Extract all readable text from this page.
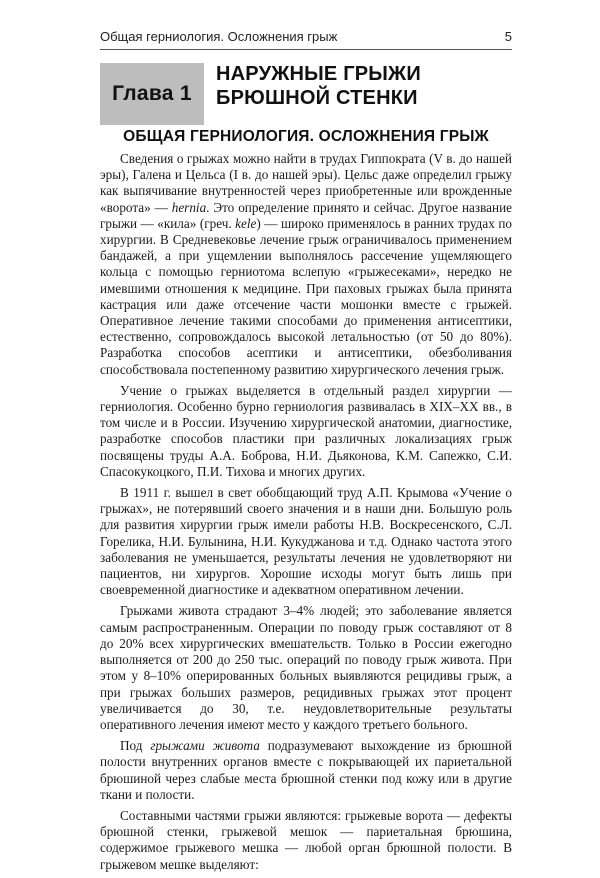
Общая герниология. Осложнения грыж	5
Глава 1
НАРУЖНЫЕ ГРЫЖИ БРЮШНОЙ СТЕНКИ
ОБЩАЯ ГЕРНИОЛОГИЯ. ОСЛОЖНЕНИЯ ГРЫЖ

Сведения о грыжах можно найти в трудах Гиппократа (V в. до нашей эры), Галена и Цельса (I в. до нашей эры). Цельс даже определил грыжу как выпячивание внутренностей через приобретенные или врожденные «ворота» — hernia. Это определение принято и сейчас. Другое название грыжи — «кила» (греч. kele) — широко применялось в ранних трудах по хирургии. В Средневековье лечение грыж ограничивалось применением бандажей, а при ущемлении выполнялось рассечение ущемляющего кольца с помощью герниотома вслепую «грыжесеками», нередко не имевшими отношения к медицине. При паховых грыжах была принята кастрация или даже отсечение части мошонки вместе с грыжей. Оперативное лечение такими способами до применения антисептики, естественно, сопровождалось высокой летальностью (от 50 до 80%). Разработка способов асептики и антисептики, обезболивания способствовала постепенному развитию хирургического лечения грыж.

Учение о грыжах выделяется в отдельный раздел хирургии — герниология. Особенно бурно герниология развивалась в XIX–XX вв., в том числе и в России. Изучению хирургической анатомии, диагностике, разработке способов пластики при различных локализациях грыж посвящены труды А.А. Боброва, Н.И. Дьяконова, К.М. Сапежко, С.И. Спасокукоцкого, П.И. Тихова и многих других.

В 1911 г. вышел в свет обобщающий труд А.П. Крымова «Учение о грыжах», не потерявший своего значения и в наши дни. Большую роль для развития хирургии грыж имели работы Н.В. Воскресенского, С.Л. Горелика, Н.И. Булынина, Н.И. Кукуджанова и т.д. Однако частота этого заболевания не уменьшается, результаты лечения не удовлетворяют ни пациентов, ни хирургов. Хорошие исходы могут быть лишь при своевременной диагностике и адекватном оперативном лечении.

Грыжами живота страдают 3–4% людей; это заболевание является самым распространенным. Операции по поводу грыж составляют от 8 до 20% всех хирургических вмешательств. Только в России ежегодно выполняется от 200 до 250 тыс. операций по поводу грыж живота. При этом у 8–10% оперированных больных выявляются рецидивы грыж, а при грыжах больших размеров, рецидивных грыжах этот процент увеличивается до 30, т.е. неудовлетворительные результаты оперативного лечения имеют место у каждого третьего больного.

Под грыжами живота подразумевают выхождение из брюшной полости внутренних органов вместе с покрывающей их париетальной брюшиной через слабые места брюшной стенки под кожу или в другие ткани и полости.

Составными частями грыжи являются: грыжевые ворота — дефекты брюшной стенки, грыжевой мешок — париетальная брюшина, содержимое грыжевого мешка — любой орган брюшной полости. В грыжевом мешке выделяют:
